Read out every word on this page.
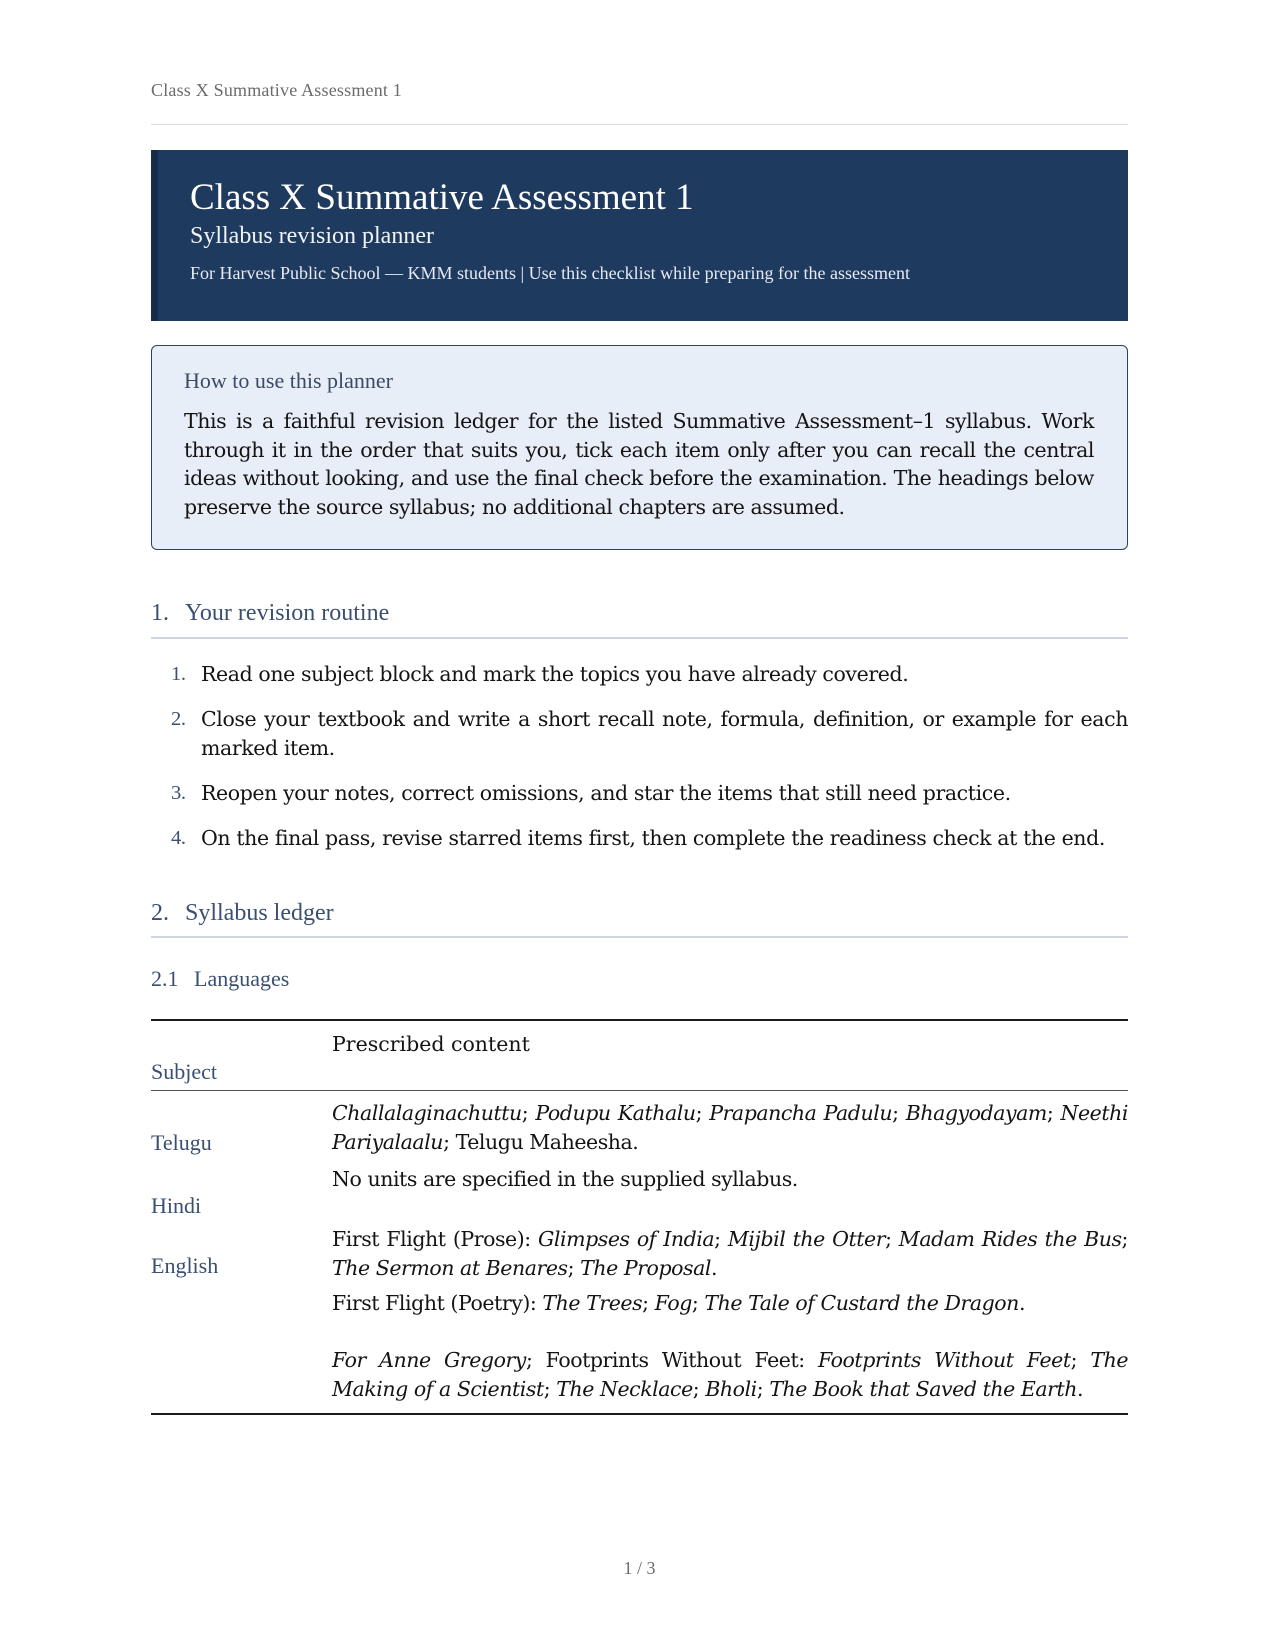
Class X Summative Assessment 1
Class X Summative Assessment 1
Syllabus revision planner
For Harvest Public School — KMM students | Use this checklist while preparing for the assessment
How to use this planner
This is a faithful revision ledger for the listed Summative Assessment–1 syllabus. Work through it in the order that suits you, tick each item only after you can recall the central ideas without looking, and use the final check before the examination. The headings below preserve the source syllabus; no additional chapters are assumed.
1. Your revision routine
1. Read one subject block and mark the topics you have already covered.
2. Close your textbook and write a short recall note, formula, definition, or example for each marked item.
3. Reopen your notes, correct omissions, and star the items that still need practice.
4. On the final pass, revise starred items first, then complete the readiness check at the end.
2. Syllabus ledger
2.1 Languages
Subject
Prescribed content
Telugu
Challalaginachuttu; Podupu Kathalu; Prapancha Padulu; Bhagyodayam; Neethi Pariyalaalu; Telugu Maheesha.
Hindi
No units are specified in the supplied syllabus.
English
First Flight (Prose): Glimpses of India; Mijbil the Otter; Madam Rides the Bus; The Sermon at Benares; The Proposal.
First Flight (Poetry): The Trees; Fog; The Tale of Custard the Dragon.
For Anne Gregory; Footprints Without Feet: Footprints Without Feet; The Making of a Scientist; The Necklace; Bholi; The Book that Saved the Earth.
1 / 3
